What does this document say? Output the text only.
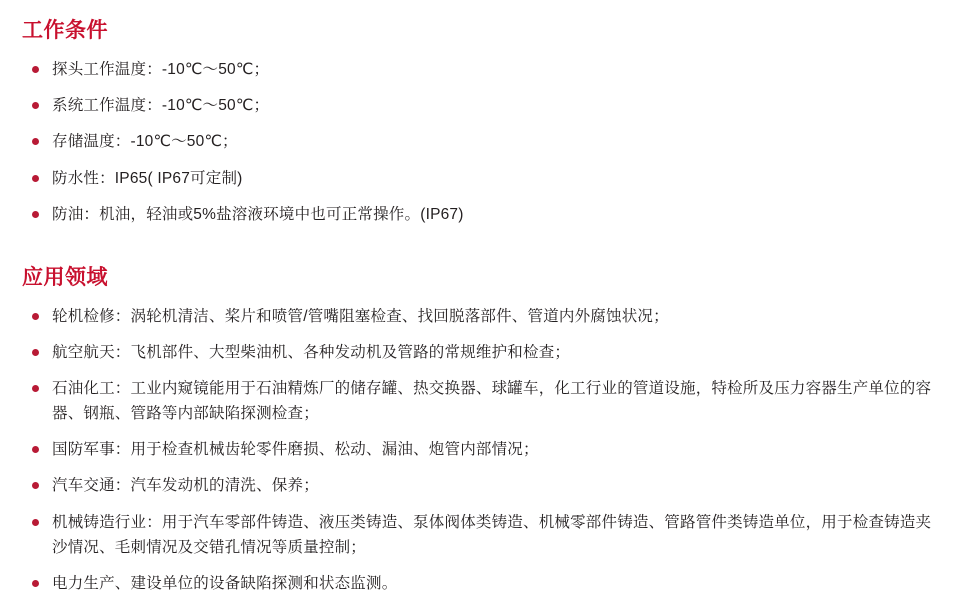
工作条件
探头工作温度：-10℃～50℃；
系统工作温度：-10℃～50℃；
存储温度：-10℃～50℃；
防水性：IP65( IP67可定制)
防油：机油，轻油或5%盐溶液环境中也可正常操作。(IP67)
应用领域
轮机检修：涡轮机清洁、桨片和喷管/管嘴阻塞检查、找回脱落部件、管道内外腐蚀状况；
航空航天：飞机部件、大型柴油机、各种发动机及管路的常规维护和检查；
石油化工：工业内窥镜能用于石油精炼厂的储存罐、热交换器、球罐车，化工行业的管道设施，特检所及压力容器生产单位的容器、钢瓶、管路等内部缺陷探测检查；
国防军事：用于检查机械齿轮零件磨损、松动、漏油、炮管内部情况；
汽车交通：汽车发动机的清洗、保养；
机械铸造行业：用于汽车零部件铸造、液压类铸造、泵体阀体类铸造、机械零部件铸造、管路管件类铸造单位，用于检查铸造夹沙情况、毛刺情况及交错孔情况等质量控制；
电力生产、建设单位的设备缺陷探测和状态监测。
